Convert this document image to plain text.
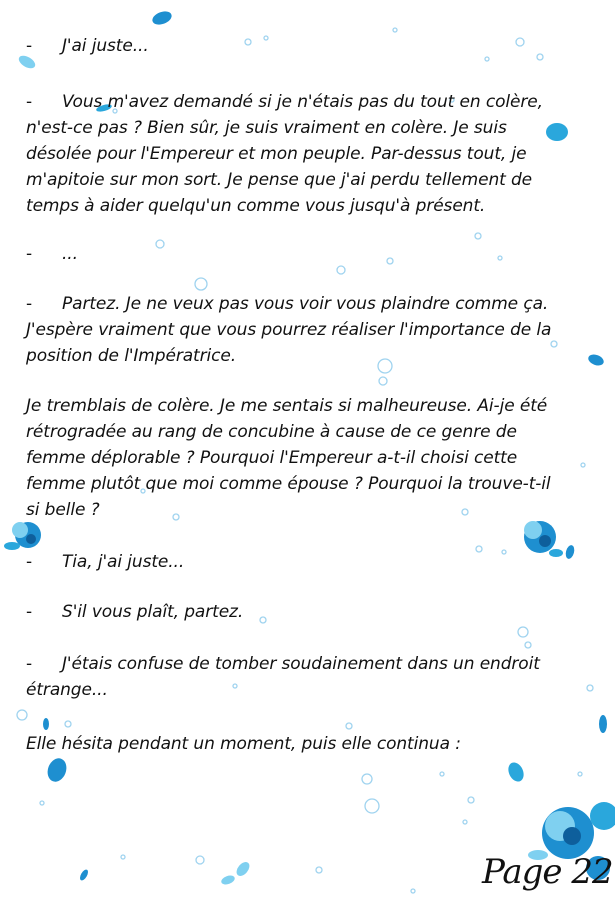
- J'ai juste...
- Vous m'avez demandé si je n'étais pas du tout en colère,
n'est-ce pas ? Bien sûr, je suis vraiment en colère. Je suis
désolée pour l'Empereur et mon peuple. Par-dessus tout, je
m'apitoie sur mon sort. Je pense que j'ai perdu tellement de
temps à aider quelqu'un comme vous jusqu'à présent.
- ...
- Partez. Je ne veux pas vous voir vous plaindre comme ça.
J'espère vraiment que vous pourrez réaliser l'importance de la
position de l'Impératrice.
Je tremblais de colère. Je me sentais si malheureuse. Ai-je été
rétrogradée au rang de concubine à cause de ce genre de
femme déplorable ? Pourquoi l'Empereur a-t-il choisi cette
femme plutôt que moi comme épouse ? Pourquoi la trouve-t-il
si belle ?
- Tia, j'ai juste...
- S'il vous plaît, partez.
- J'étais confuse de tomber soudainement dans un endroit
étrange...
Elle hésita pendant un moment, puis elle continua :
Page 22
